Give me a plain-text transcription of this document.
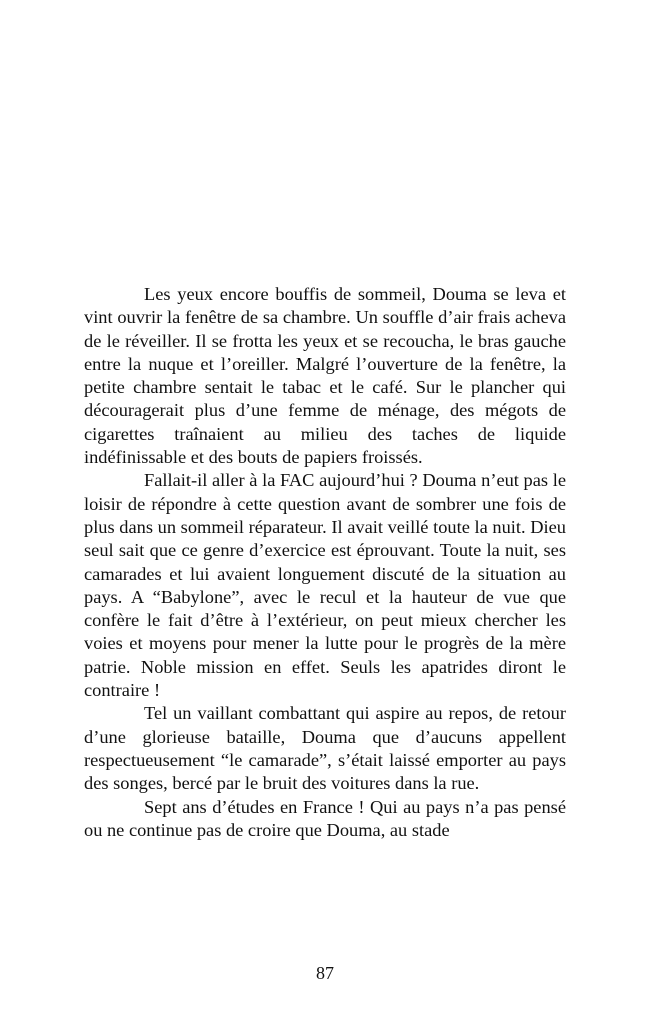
Les yeux encore bouffis de sommeil, Douma se leva et vint ouvrir la fenêtre de sa chambre. Un souffle d’air frais acheva de le réveiller. Il se frotta les yeux et se recoucha, le bras gauche entre la nuque et l’oreiller. Malgré l’ouverture de la fenêtre, la petite chambre sentait le tabac et le café. Sur le plancher qui découragerait plus d’une femme de ménage, des mégots de cigarettes traînaient au milieu des taches de liquide indéfinissable et des bouts de papiers froissés.

Fallait-il aller à la FAC aujourd’hui ? Douma n’eut pas le loisir de répondre à cette question avant de sombrer une fois de plus dans un sommeil réparateur. Il avait veillé toute la nuit. Dieu seul sait que ce genre d’exercice est éprouvant. Toute la nuit, ses camarades et lui avaient longuement discuté de la situation au pays. A “Babylone”, avec le recul et la hauteur de vue que confère le fait d’être à l’extérieur, on peut mieux chercher les voies et moyens pour mener la lutte pour le progrès de la mère patrie. Noble mission en effet. Seuls les apatrides diront le contraire !

Tel un vaillant combattant qui aspire au repos, de retour d’une glorieuse bataille, Douma que d’aucuns appellent respectueusement “le camarade”, s’était laissé emporter au pays des songes, bercé par le bruit des voitures dans la rue.

Sept ans d’études en France ! Qui au pays n’a pas pensé ou ne continue pas de croire que Douma, au stade

87
